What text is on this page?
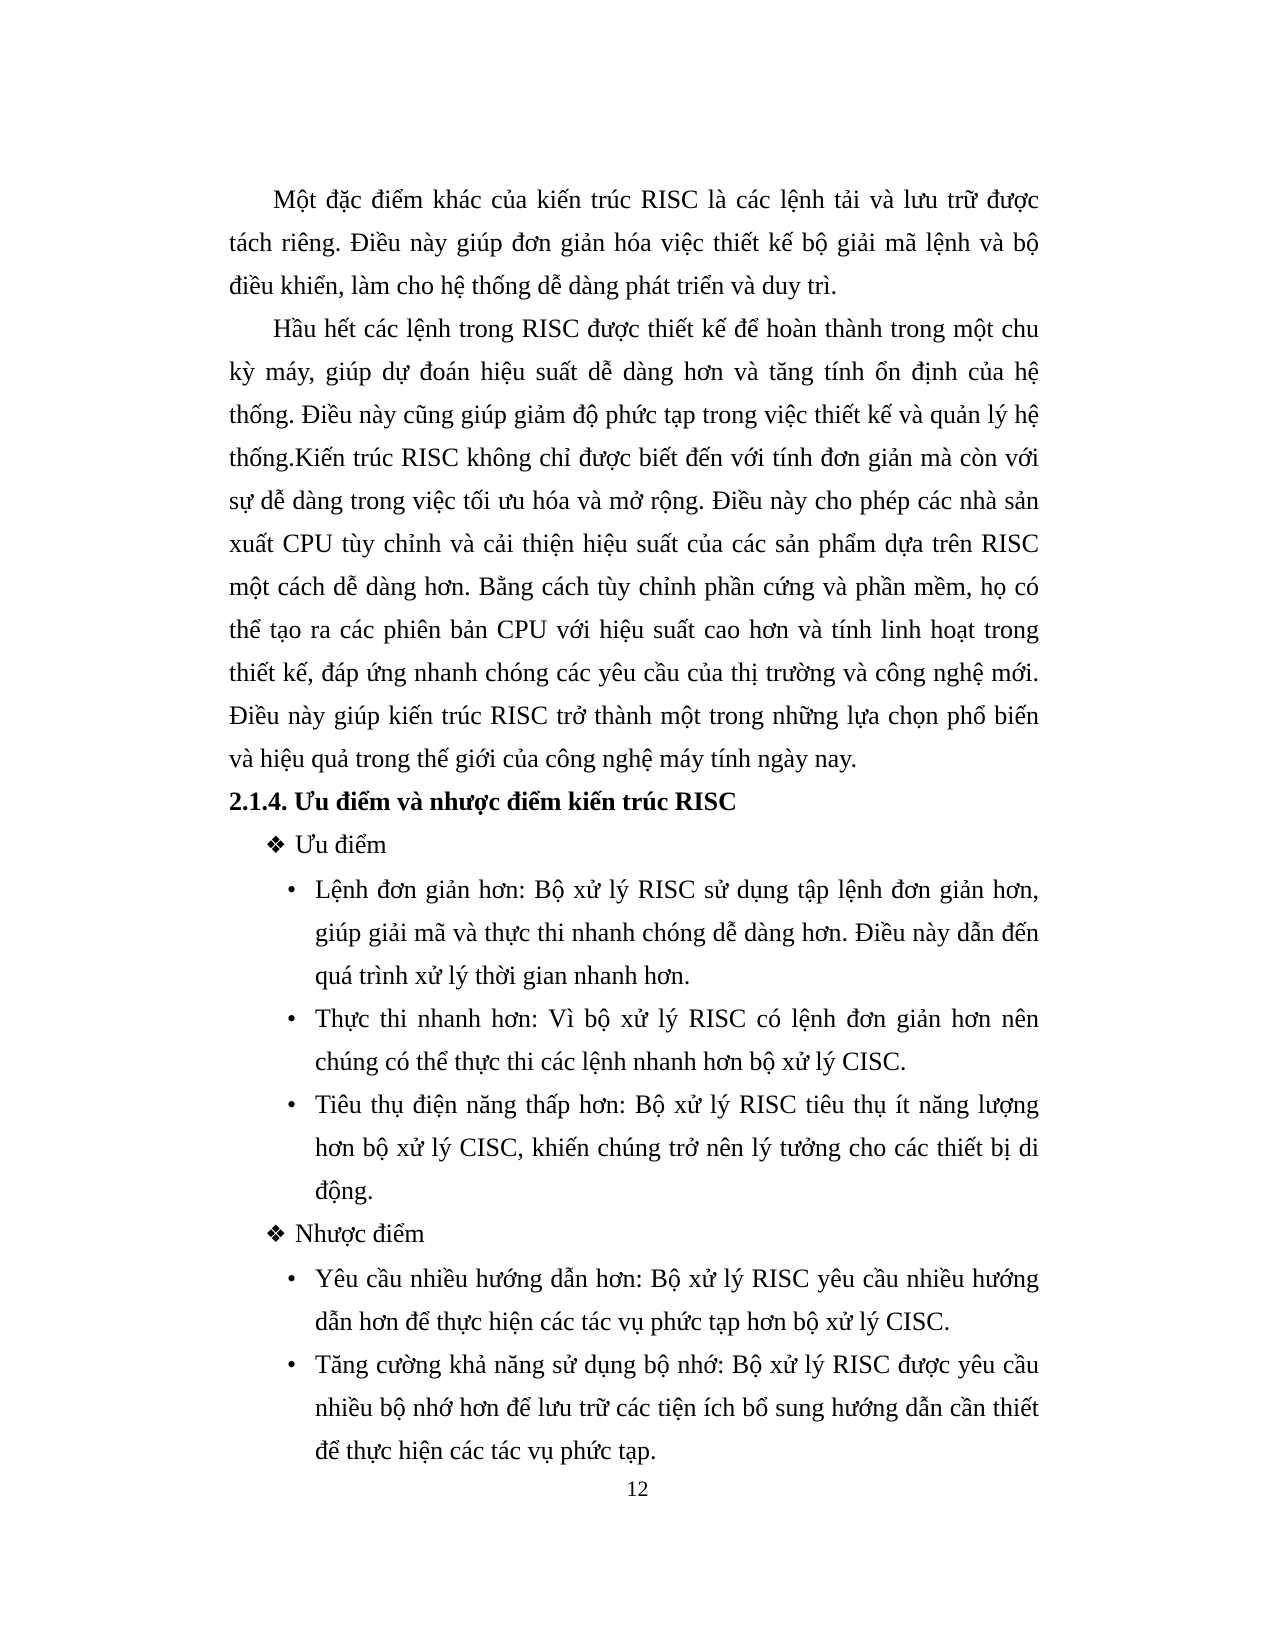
Một đặc điểm khác của kiến trúc RISC là các lệnh tải và lưu trữ được tách riêng. Điều này giúp đơn giản hóa việc thiết kế bộ giải mã lệnh và bộ điều khiển, làm cho hệ thống dễ dàng phát triển và duy trì.

Hầu hết các lệnh trong RISC được thiết kế để hoàn thành trong một chu kỳ máy, giúp dự đoán hiệu suất dễ dàng hơn và tăng tính ổn định của hệ thống. Điều này cũng giúp giảm độ phức tạp trong việc thiết kế và quản lý hệ thống.Kiến trúc RISC không chỉ được biết đến với tính đơn giản mà còn với sự dễ dàng trong việc tối ưu hóa và mở rộng. Điều này cho phép các nhà sản xuất CPU tùy chỉnh và cải thiện hiệu suất của các sản phẩm dựa trên RISC một cách dễ dàng hơn. Bằng cách tùy chỉnh phần cứng và phần mềm, họ có thể tạo ra các phiên bản CPU với hiệu suất cao hơn và tính linh hoạt trong thiết kế, đáp ứng nhanh chóng các yêu cầu của thị trường và công nghệ mới. Điều này giúp kiến trúc RISC trở thành một trong những lựa chọn phổ biến và hiệu quả trong thế giới của công nghệ máy tính ngày nay.

2.1.4. Ưu điểm và nhược điểm kiến trúc RISC
❖ Ưu điểm
• Lệnh đơn giản hơn: Bộ xử lý RISC sử dụng tập lệnh đơn giản hơn, giúp giải mã và thực thi nhanh chóng dễ dàng hơn. Điều này dẫn đến quá trình xử lý thời gian nhanh hơn.
• Thực thi nhanh hơn: Vì bộ xử lý RISC có lệnh đơn giản hơn nên chúng có thể thực thi các lệnh nhanh hơn bộ xử lý CISC.
• Tiêu thụ điện năng thấp hơn: Bộ xử lý RISC tiêu thụ ít năng lượng hơn bộ xử lý CISC, khiến chúng trở nên lý tưởng cho các thiết bị di động.
❖ Nhược điểm
• Yêu cầu nhiều hướng dẫn hơn: Bộ xử lý RISC yêu cầu nhiều hướng dẫn hơn để thực hiện các tác vụ phức tạp hơn bộ xử lý CISC.
• Tăng cường khả năng sử dụng bộ nhớ: Bộ xử lý RISC được yêu cầu nhiều bộ nhớ hơn để lưu trữ các tiện ích bổ sung hướng dẫn cần thiết để thực hiện các tác vụ phức tạp.
12
